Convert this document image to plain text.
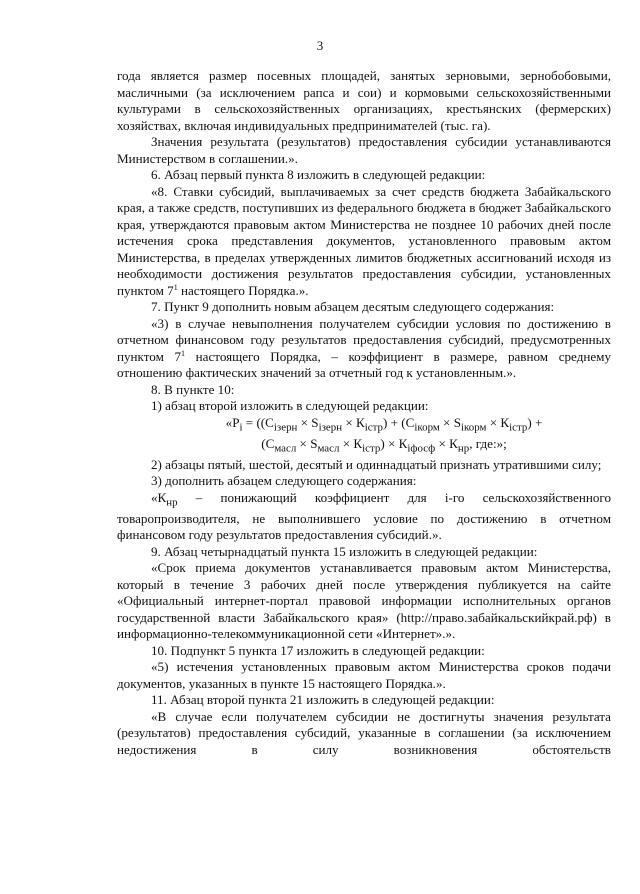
3

года является размер посевных площадей, занятых зерновыми, зернобобовыми, масличными (за исключением рапса и сои) и кормовыми сельскохозяйственными культурами в сельскохозяйственных организациях, крестьянских (фермерских) хозяйствах, включая индивидуальных предпринимателей (тыс. га).

Значения результата (результатов) предоставления субсидии устанавливаются Министерством в соглашении.».

6. Абзац первый пункта 8 изложить в следующей редакции:

«8. Ставки субсидий, выплачиваемых за счет средств бюджета Забайкальского края, а также средств, поступивших из федерального бюджета в бюджет Забайкальского края, утверждаются правовым актом Министерства не позднее 10 рабочих дней после истечения срока представления документов, установленного правовым актом Министерства, в пределах утвержденных лимитов бюджетных ассигнований исходя из необходимости достижения результатов предоставления субсидии, установленных пунктом $7^1$ настоящего Порядка.».

7. Пункт 9 дополнить новым абзацем десятым следующего содержания:

«3) в случае невыполнения получателем субсидии условия по достижению в отчетном финансовом году результатов предоставления субсидий, предусмотренных пунктом $7^1$ настоящего Порядка, – коэффициент в размере, равном среднему отношению фактических значений за отчетный год к установленным.».

8. В пункте 10:

1) абзац второй изложить в следующей редакции:

«$Р_i = ((С_{iзерн} \times S_{iзерн} \times К_{iстр}) + (С_{iкорм} \times S_{iкорм} \times К_{iстр})$ +

$(С_{масл} \times S_{масл} \times К_{iстр}) \times К_{iфосф} \times К_{нр}$, где:»;

2) абзацы пятый, шестой, десятый и одиннадцатый признать утратившими силу;

3) дополнить абзацем следующего содержания:

«$К_{нр}$ – понижающий коэффициент для i-го сельскохозяйственного товаропроизводителя, не выполнившего условие по достижению в отчетном финансовом году результатов предоставления субсидий.».

9. Абзац четырнадцатый пункта 15 изложить в следующей редакции:

«Срок приема документов устанавливается правовым актом Министерства, который в течение 3 рабочих дней после утверждения публикуется на сайте «Официальный интернет-портал правовой информации исполнительных органов государственной власти Забайкальского края» (http://право.забайкальскийкрай.рф) в информационно-телекоммуникационной сети «Интернет».».

10. Подпункт 5 пункта 17 изложить в следующей редакции:

«5) истечения установленных правовым актом Министерства сроков подачи документов, указанных в пункте 15 настоящего Порядка.».

11. Абзац второй пункта 21 изложить в следующей редакции:

«В случае если получателем субсидии не достигнуты значения результата (результатов) предоставления субсидий, указанные в соглашении (за исключением недостижения в силу возникновения обстоятельств
